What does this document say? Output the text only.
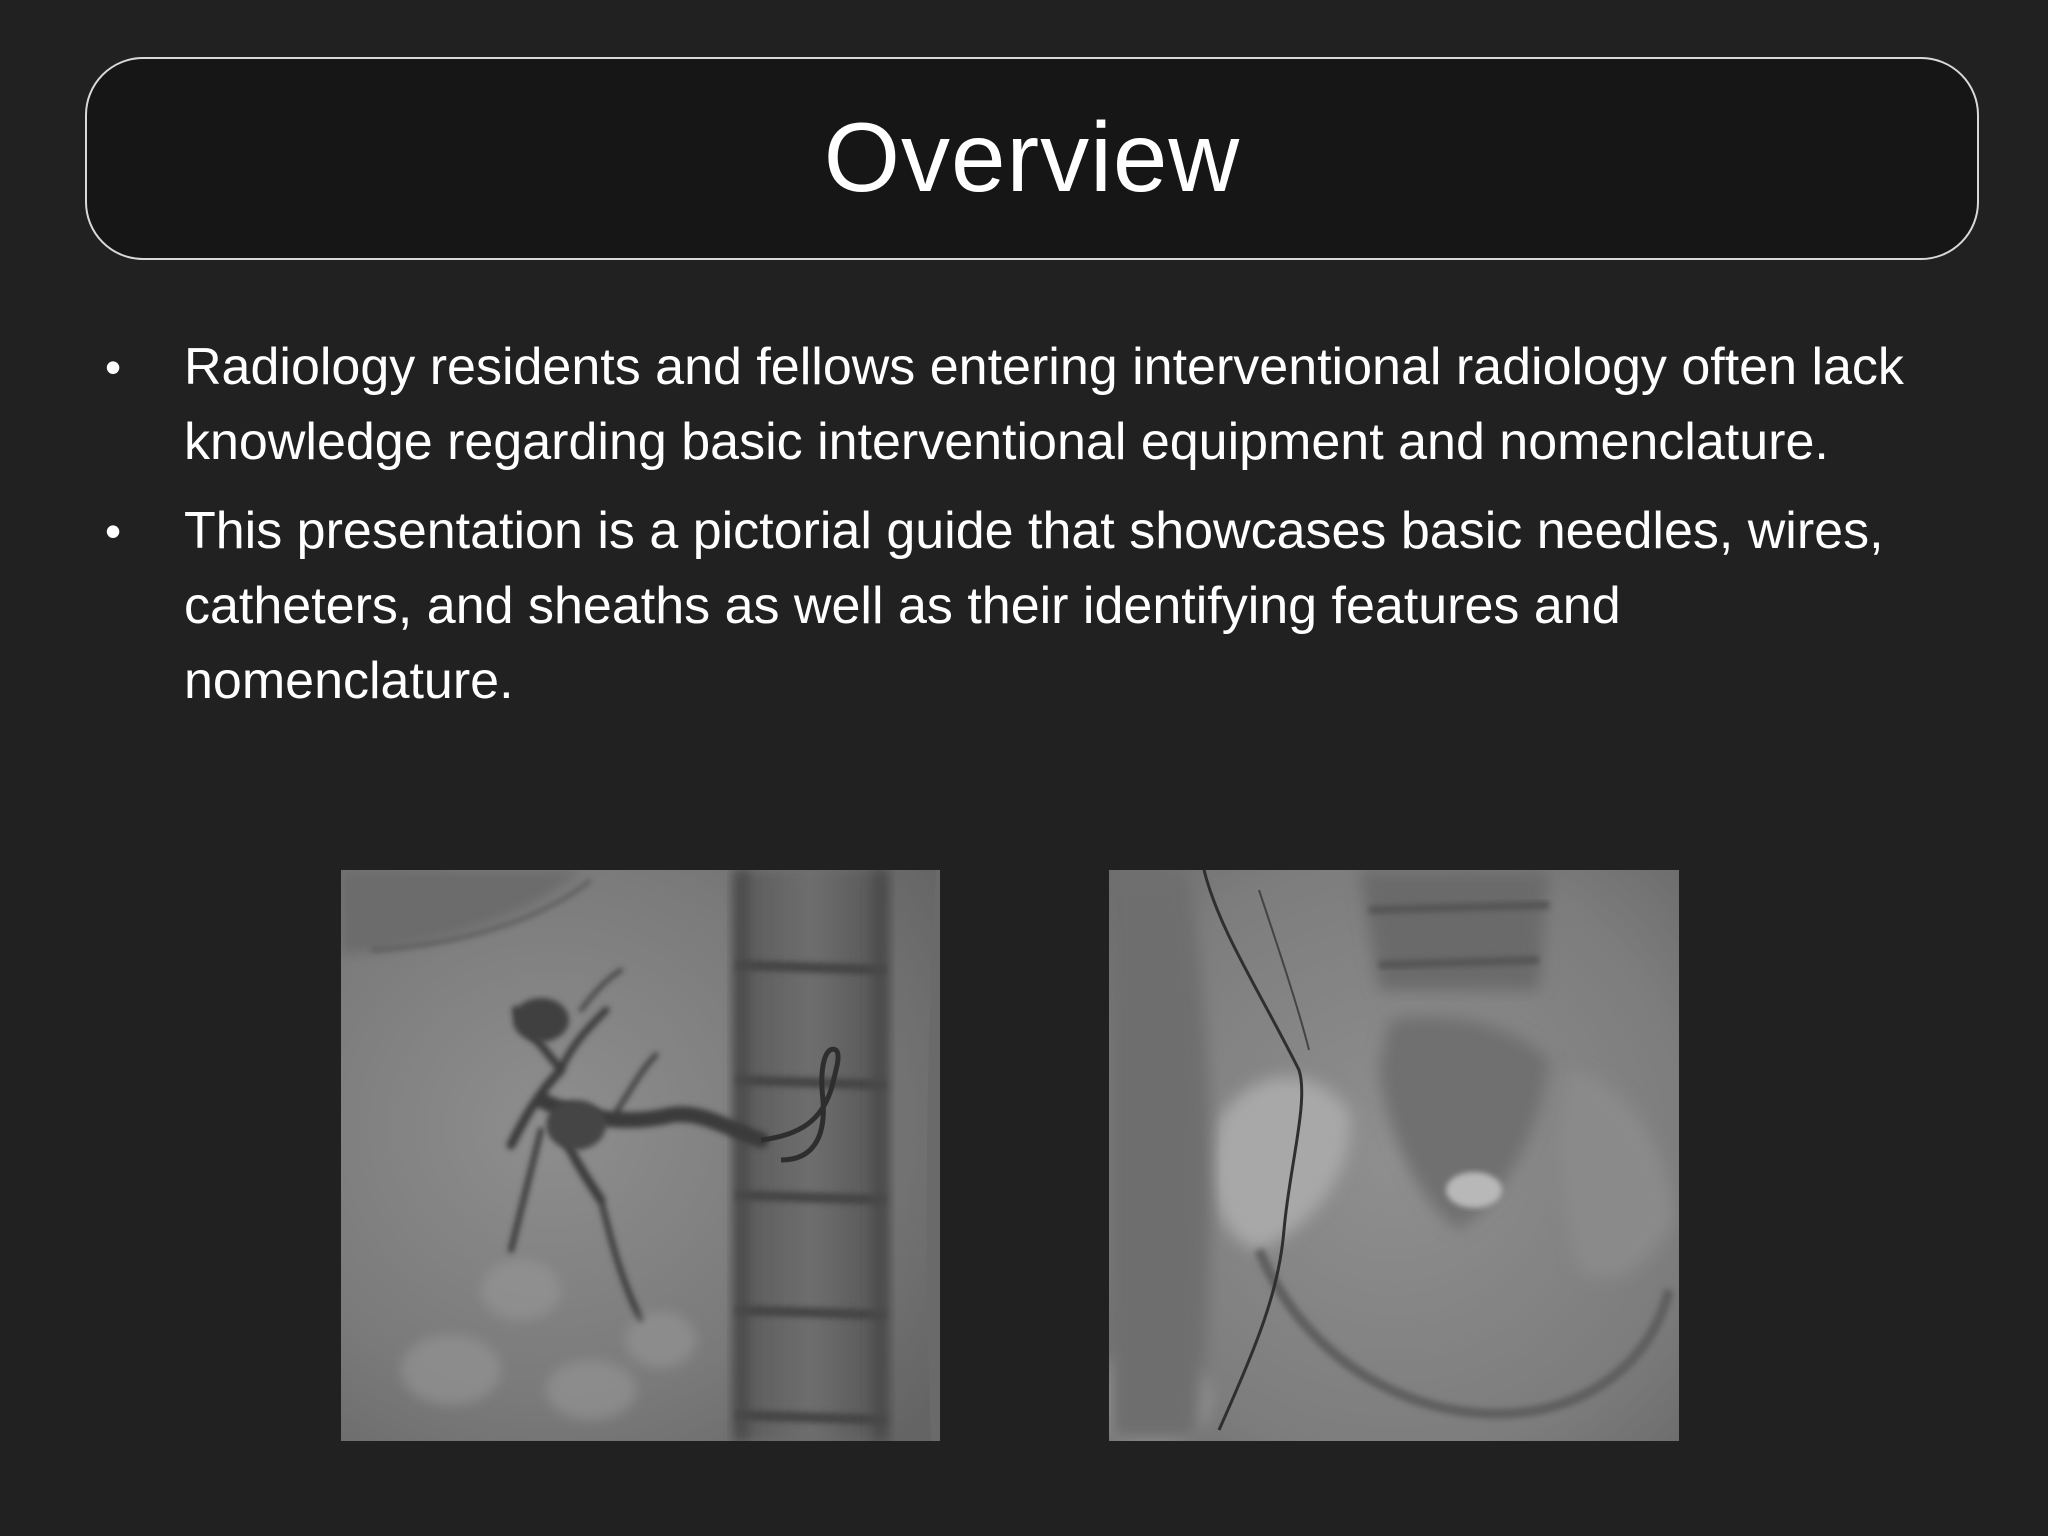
Overview
• Radiology residents and fellows entering interventional radiology often lack knowledge regarding basic interventional equipment and nomenclature.
• This presentation is a pictorial guide that showcases basic needles, wires, catheters, and sheaths as well as their identifying features and nomenclature.
